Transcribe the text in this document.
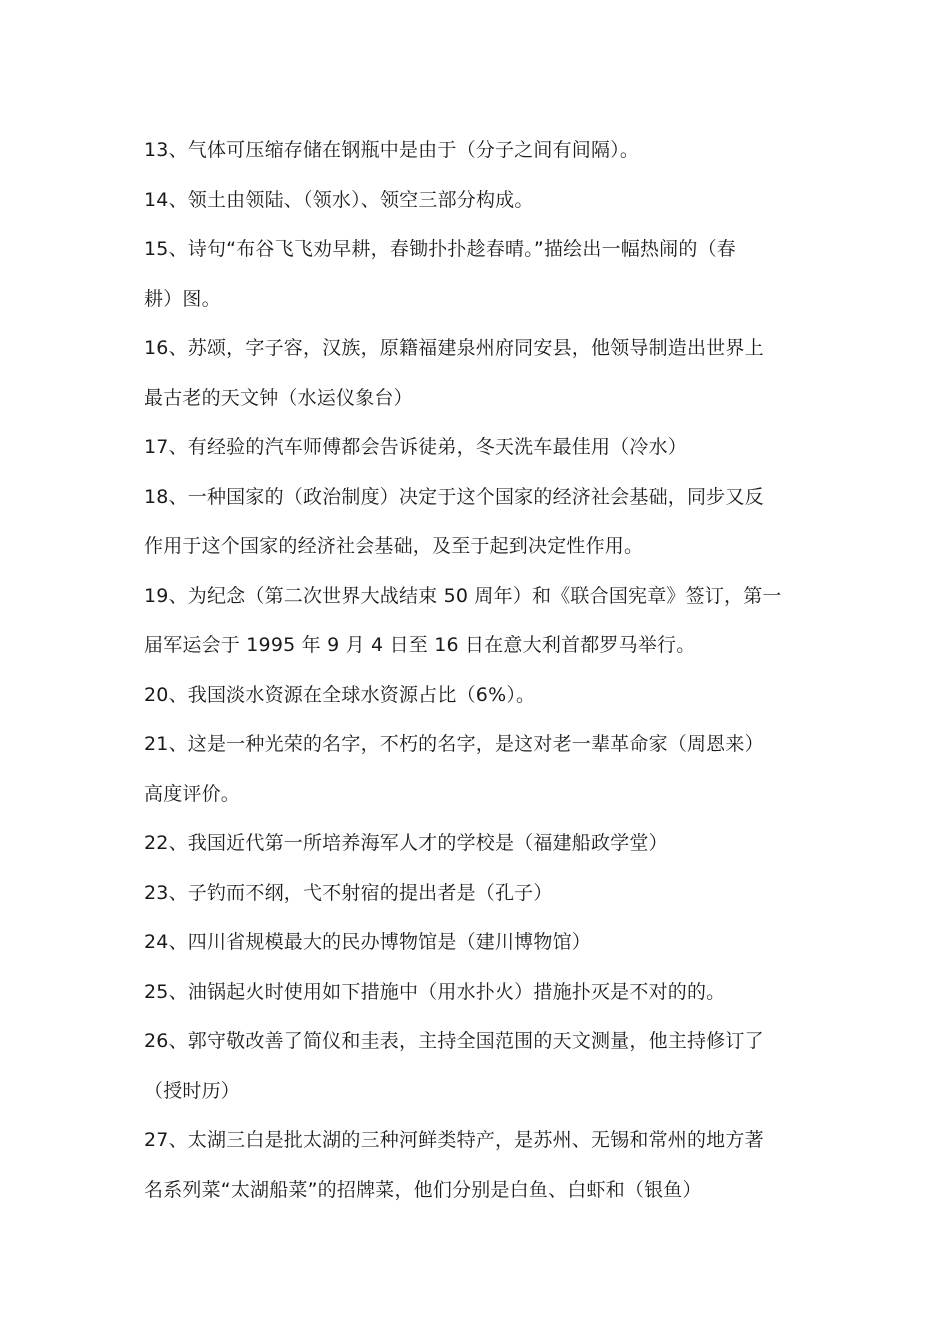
13、气体可压缩存储在钢瓶中是由于（分子之间有间隔）。
14、领土由领陆、（领水）、领空三部分构成。
15、诗句“布谷飞飞劝早耕，春锄扑扑趁春晴。”描绘出一幅热闹的（春
耕）图。
16、苏颂，字子容，汉族，原籍福建泉州府同安县，他领导制造出世界上
最古老的天文钟（水运仪象台）
17、有经验的汽车师傅都会告诉徒弟，冬天洗车最佳用（冷水）
18、一种国家的（政治制度）决定于这个国家的经济社会基础，同步又反
作用于这个国家的经济社会基础，及至于起到决定性作用。
19、为纪念（第二次世界大战结束 50 周年）和《联合国宪章》签订，第一
届军运会于 1995 年 9 月 4 日至 16 日在意大利首都罗马举行。
20、我国淡水资源在全球水资源占比（6%）。
21、这是一种光荣的名字，不朽的名字，是这对老一辈革命家（周恩来）
高度评价。
22、我国近代第一所培养海军人才的学校是（福建船政学堂）
23、子钓而不纲，弋不射宿的提出者是（孔子）
24、四川省规模最大的民办博物馆是（建川博物馆）
25、油锅起火时使用如下措施中（用水扑火）措施扑灭是不对的的。
26、郭守敬改善了简仪和圭表，主持全国范围的天文测量，他主持修订了
（授时历）
27、太湖三白是批太湖的三种河鲜类特产，是苏州、无锡和常州的地方著
名系列菜“太湖船菜”的招牌菜，他们分别是白鱼、白虾和（银鱼）
